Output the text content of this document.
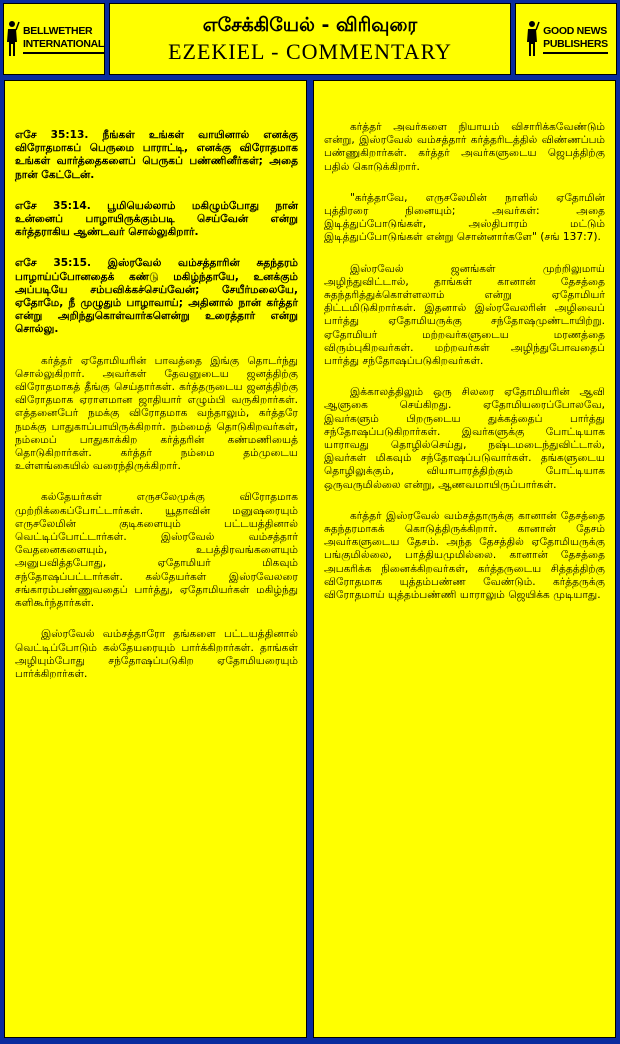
BELLWETHER
INTERNATIONAL
எசேக்கியேல் - விரிவுரை
EZEKIEL - COMMENTARY
GOOD NEWS
PUBLISHERS

எசே 35:13. நீங்கள் உங்கள் வாயினால் எனக்கு விரோதமாகப் பெருமை பாராட்டி, எனக்கு விரோதமாக உங்கள் வார்த்தைகளைப் பெருகப் பண்ணினீர்கள்; அதை நான் கேட்டேன்.

எசே 35:14. பூமியெல்லாம் மகிழும்போது நான் உன்னைப் பாழாயிருக்கும்படி செய்வேன் என்று கர்த்தராகிய ஆண்டவர் சொல்லுகிறார்.

எசே 35:15. இஸ்ரவேல் வம்சத்தாரின் சுதந்தரம் பாழாய்ப்போனதைக் கண்டு மகிழ்ந்தாயே, உனக்கும் அப்படியே சம்பவிக்கச்செய்வேன்; சேயீர்மலையே, ஏதோமே, நீ முழுதும் பாழாவாய்; அதினால் நான் கர்த்தர் என்று அறிந்துகொள்வார்களென்று உரைத்தார் என்று சொல்லு.

கர்த்தர் ஏதோமியரின் பாவத்தை இங்கு தொடர்ந்து சொல்லுகிறார். அவர்கள் தேவனுடைய ஜனத்திற்கு விரோதமாகத் தீங்கு செய்தார்கள். கர்த்தருடைய ஜனத்திற்கு விரோதமாக ஏராளமான ஜாதியார் எழும்பி வருகிறார்கள். எத்தனைபேர் நமக்கு விரோதமாக வந்தாலும், கர்த்தரே நமக்கு பாதுகாப்பாயிருக்கிறார். நம்மைத் தொடுகிறவர்கள், நம்மைப் பாதுகாக்கிற கர்த்தரின் கண்மணியைத் தொடுகிறார்கள். கர்த்தர் நம்மை தம்முடைய உள்ளங்கையில் வரைந்திருக்கிறார்.

கல்தேயர்கள் எருசலேமுக்கு விரோதமாக முற்றிக்கைப்போட்டார்கள். யூதாவின் மனுஷரையும் எருசலேமின் குடிகளையும் பட்டயத்தினால் வெட்டிப்போட்டார்கள். இஸ்ரவேல் வம்சத்தார் வேதனைகளையும், உபத்திரவங்களையும் அனுபவித்தபோது, ஏதோமியர் மிகவும் சந்தோஷப்பட்டார்கள். கல்தேயர்கள் இஸ்ரவேலரை சங்காரம்பண்ணுவதைப் பார்த்து, ஏதோமியர்கள் மகிழ்ந்து களிகூர்ந்தார்கள்.

இஸ்ரவேல் வம்சத்தாரோ தங்களை பட்டயத்தினால் வெட்டிப்போடும் கல்தேயரையும் பார்க்கிறார்கள். தாங்கள் அழியும்போது சந்தோஷப்படுகிற ஏதோமியரையும் பார்க்கிறார்கள்.

கர்த்தர் அவர்களை நியாயம் விசாரிக்கவேண்டும் என்று, இஸ்ரவேல் வம்சத்தார் கர்த்தரிடத்தில் விண்ணப்பம் பண்ணுகிறார்கள். கர்த்தர் அவர்களுடைய ஜெபத்திற்கு பதில் கொடுக்கிறார்.

"கர்த்தாவே, எருசலேமின் நாளில் ஏதோமின் புத்திரரை நினையும்; அவர்கள்: அதை இடித்துப்போடுங்கள், அஸ்திபாரம் மட்டும் இடித்துப்போடுங்கள் என்று சொன்னார்களே" (சங் 137:7).

இஸ்ரவேல் ஜனங்கள் முற்றிலுமாய் அழிந்துவிட்டால், தாங்கள் கானான் தேசத்தை சுதந்தரித்துக்கொள்ளலாம் என்று ஏதோமியர் திட்டமிடுகிறார்கள். இதனால் இஸ்ரவேலரின் அழிவைப் பார்த்து ஏதோமியருக்கு சந்தோஷமுண்டாயிற்று. ஏதோமியர் மற்றவர்களுடைய மரணத்தை விரும்புகிறவர்கள். மற்றவர்கள் அழிந்துபோவதைப் பார்த்து சந்தோஷப்படுகிறவர்கள்.

இக்காலத்திலும் ஒரு சிலரை ஏதோமியரின் ஆவி ஆளுகை செய்கிறது. ஏதோமியரைப்போலவே, இவர்களும் பிறருடைய துக்கத்தைப் பார்த்து சந்தோஷப்படுகிறார்கள். இவர்களுக்கு போட்டியாக யாராவது தொழில்செய்து, நஷ்டமடைந்துவிட்டால், இவர்கள் மிகவும் சந்தோஷப்படுவார்கள். தங்களுடைய தொழிலுக்கும், வியாபாரத்திற்கும் போட்டியாக ஒருவருமில்லை என்று, ஆணவமாயிருப்பார்கள்.

கர்த்தர் இஸ்ரவேல் வம்சத்தாருக்கு கானான் தேசத்தை சுதந்தரமாகக் கொடுத்திருக்கிறார். கானான் தேசம் அவர்களுடைய தேசம். அந்த தேசத்தில் ஏதோமியருக்கு பங்குமில்லை, பாத்தியமுமில்லை. கானான் தேசத்தை அபகரிக்க நினைக்கிறவர்கள், கர்த்தருடைய சித்தத்திற்கு விரோதமாக யுத்தம்பண்ண வேண்டும். கர்த்தருக்கு விரோதமாய் யுத்தம்பண்ணி யாராலும் ஜெயிக்க முடியாது.
